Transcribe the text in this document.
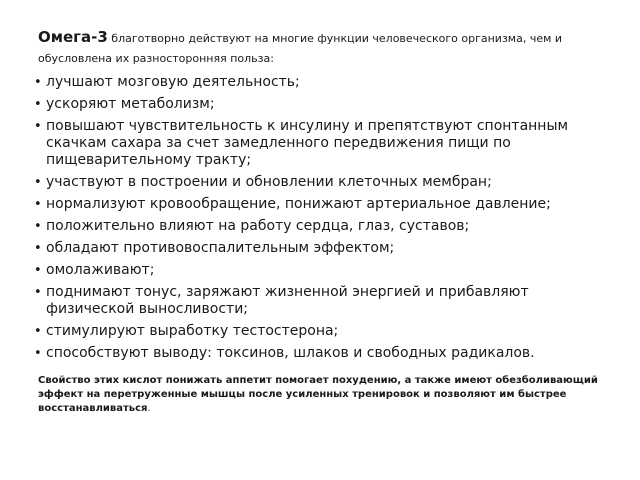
Омега-3 благотворно действуют на многие функции человеческого организма, чем и обусловлена их разносторонняя польза:

• лучшают мозговую деятельность;
• ускоряют метаболизм;
• повышают чувствительность к инсулину и препятствуют спонтанным скачкам сахара за счет замедленного передвижения пищи по пищеварительному тракту;
• участвуют в построении и обновлении клеточных мембран;
• нормализуют кровообращение, понижают артериальное давление;
• положительно влияют на работу сердца, глаз, суставов;
• обладают противовоспалительным эффектом;
• омолаживают;
• поднимают тонус, заряжают жизненной энергией и прибавляют физической выносливости;
• стимулируют выработку тестостерона;
• способствуют выводу: токсинов, шлаков и свободных радикалов.

Свойство этих кислот понижать аппетит помогает похудению, а также имеют обезболивающий эффект на перетруженные мышцы после усиленных тренировок и позволяют им быстрее восстанавливаться.
